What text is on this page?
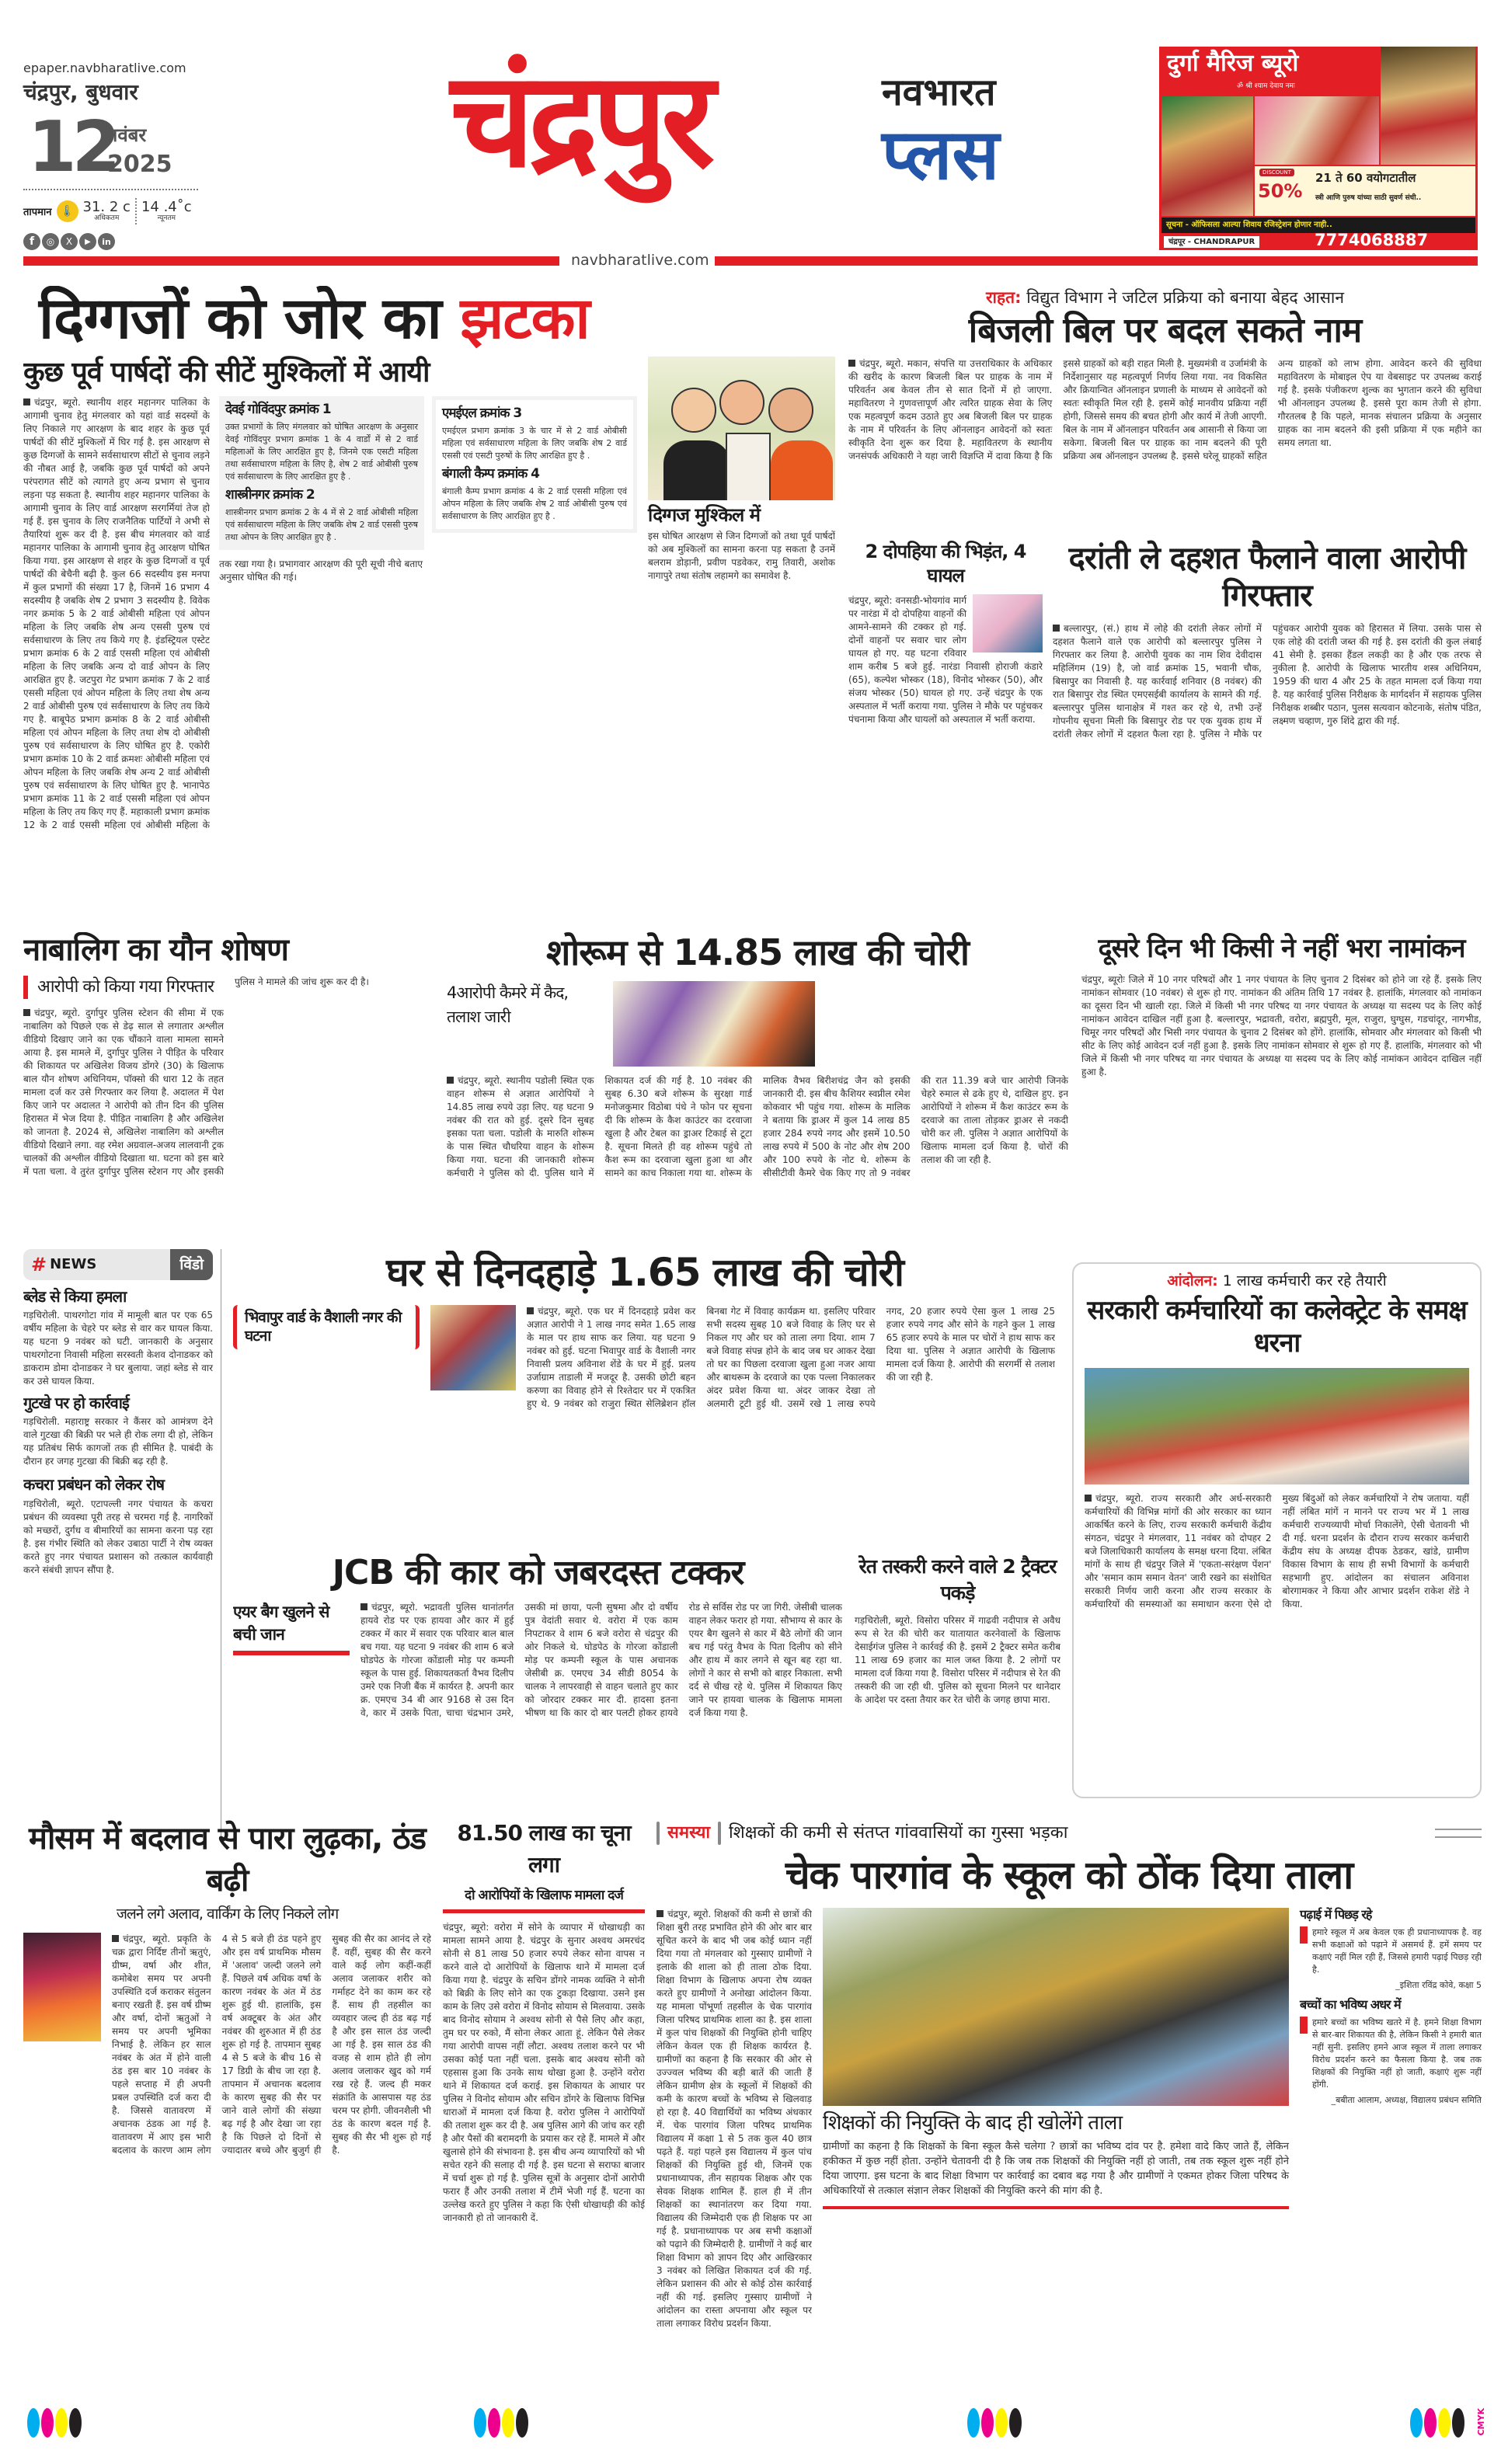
epaper.navbharatlive.com
चंद्रपुर, बुधवार
12
नवंबर
2025
तापमान 🌡 31. 2 c
अधिकतम
14 .4˚c
न्यूनतम
f	◎	X	▶	in
चंद्रपुर	नवभारत
प्लस
navbharatlive.com
दुर्गा मैरिज ब्यूरो
ॐ श्री श्याम देवाय नमः
DISCOUNT
50%
21 ते 60 वयोगटातील
स्त्री आणि पुरुष यांच्या साठी सुवर्ण संधी..
सूचना - ऑफिसला आल्या शिवाय रजिस्ट्रेशन होणार नाही..
चंद्रपूर - CHANDRAPUR	7774068887
दिग्गजों को जोर का झटका
कुछ पूर्व पार्षदों की सीटें मुश्किलों में आयी
चंद्रपुर, ब्यूरो. स्थानीय शहर महानगर पालिका के आगामी चुनाव हेतु मंगलवार को यहां वार्ड सदस्यों के लिए निकाले गए आरक्षण के बाद शहर के कुछ पूर्व पार्षदों की सीटें मुश्किलों में घिर गई है. इस आरक्षण से कुछ दिग्गजों के सामने सर्वसाधारण सीटों से चुनाव लड़ने की नौबत आई है, जबकि कुछ पूर्व पार्षदों को अपने परंपरागत सीटें को त्यागते हुए अन्य प्रभाग से चुनाव लड़ना पड़ सकता है. स्थानीय शहर महानगर पालिका के आगामी चुनाव के लिए वार्ड आरक्षण सरगर्मियां तेज हो गई हैं. इस चुनाव के लिए राजनैतिक पार्टियों ने अभी से तैयारियां शुरू कर दी है. इस बीच मंगलवार को वार्ड महानगर पालिका के आगामी चुनाव हेतु आरक्षण घोषित किया गया. इस आरक्षण से शहर के कुछ दिग्गजों व पूर्व पार्षदों की बेचैनी बढ़ी है. कुल 66 सदस्यीय इस मनपा में कुल प्रभागों की संख्या 17 है, जिनमें 16 प्रभाग 4 सदस्यीय है जबकि शेष 2 प्रभाग 3 सदस्यीय है. विवेक नगर क्रमांक 5 के 2 वार्ड ओबीसी महिला एवं ओपन महिला के लिए जबकि शेष अन्य एससी पुरुष एवं सर्वसाधारण के लिए तय किये गए है. इंडस्ट्रियल एस्टेट प्रभाग क्रमांक 6 के 2 वार्ड एससी महिला एवं ओबीसी महिला के लिए जबकि अन्य दो वार्ड ओपन के लिए आरक्षित हुए है. जटपुरा गेट प्रभाग क्रमांक 7 के 2 वार्ड एससी महिला एवं ओपन महिला के लिए तथा शेष अन्य 2 वार्ड ओबीसी पुरुष एवं सर्वसाधारण के लिए तय किये गए है. बाबूपेठ प्रभाग क्रमांक 8 के 2 वार्ड ओबीसी महिला एवं ओपन महिला के लिए तथा शेष दो ओबीसी पुरुष एवं सर्वसाधारण के लिए घोषित हुए है. एकोरी प्रभाग क्रमांक 10 के 2 वार्ड क्रमशः ओबीसी महिला एवं ओपन महिला के लिए जबकि शेष अन्य 2 वार्ड ओबीसी पुरुष एवं सर्वसाधारण के लिए घोषित हुए है. भानापेठ प्रभाग क्रमांक 11 के 2 वार्ड एससी महिला एवं ओपन महिला के लिए तय किए गए हैं. महाकाली प्रभाग क्रमांक 12 के 2 वार्ड एससी महिला एवं ओबीसी महिला के
देवई गोविंदपुर क्रमांक 1
उक्त प्रभागों के लिए मंगलवार को घोषित आरक्षण के अनुसार देवई गोविंदपुर प्रभाग क्रमांक 1 के 4 वार्डों में से 2 वार्ड महिलाओं के लिए आरक्षित हुए है, जिनमे एक एसटी महिला तथा सर्वसाधारण महिला के लिए है, शेष 2 वार्ड ओबीसी पुरुष एवं सर्वसाधारण के लिए आरक्षित हुए है .
शास्त्रीनगर क्रमांक 2
शास्त्रीनगर प्रभाग क्रमांक 2 के 4 में से 2 वार्ड ओबीसी महिला एवं सर्वसाधारण महिला के लिए जबकि शेष 2 वार्ड एससी पुरुष तथा ओपन के लिए आरक्षित हुए है .
एमईएल क्रमांक 3
एमईएल प्रभाग क्रमांक 3 के चार में से 2 वार्ड ओबीसी महिला एवं सर्वसाधारण महिला के लिए जबकि शेष 2 वार्ड एससी एवं एसटी पुरुषों के लिए आरक्षित हुए है .
बंगाली कैम्प क्रमांक 4
बंगाली कैम्प प्रभाग क्रमांक 4 के 2 वार्ड एससी महिला एवं ओपन महिला के लिए जबकि शेष 2 वार्ड ओबीसी पुरुष एवं सर्वसाधारण के लिए आरक्षित हुए है .
तक रखा गया है। प्रभागवार आरक्षण की पूरी सूची नीचे बताए अनुसार घोषित की गई।
दिग्गज मुश्किल में
इस घोषित आरक्षण से जिन दिग्गजों को तथा पूर्व पार्षदों को अब मुश्किलों का सामना करना पड़ सकता है उनमें बलराम डोड़ानी, प्रवीण पडवेकर, रामु तिवारी, अशोक नागापुरे तथा संतोष लहामगे का समावेश है.
राहत: विद्युत विभाग ने जटिल प्रक्रिया को बनाया बेहद आसान
बिजली बिल पर बदल सकते नाम
चंद्रपुर, ब्यूरो. मकान, संपत्ति या उत्तराधिकार के अधिकार की खरीद के कारण बिजली बिल पर ग्राहक के नाम में परिवर्तन अब केवल तीन से सात दिनों में हो जाएगा. महावितरण ने गुणवत्तापूर्ण और त्वरित ग्राहक सेवा के लिए एक महत्वपूर्ण कदम उठाते हुए अब बिजली बिल पर ग्राहक के नाम में परिवर्तन के लिए ऑनलाइन आवेदनों को स्वतः स्वीकृति देना शुरू कर दिया है. महावितरण के स्थानीय जनसंपर्क अधिकारी ने यहा जारी विज्ञप्ति में दावा किया है कि इससे ग्राहकों को बड़ी राहत मिली है. मुख्यमंत्री व उर्जामंत्री के निर्देशानुसार यह महत्वपूर्ण निर्णय लिया गया. नव विकसित और क्रियान्वित ऑनलाइन प्रणाली के माध्यम से आवेदनों को स्वतः स्वीकृति मिल रही है. इसमें कोई मानवीय प्रक्रिया नहीं होगी, जिससे समय की बचत होगी और कार्य में तेजी आएगी. बिल के नाम में ऑनलाइन परिवर्तन अब आसानी से किया जा सकेगा. बिजली बिल पर ग्राहक का नाम बदलने की पूरी प्रक्रिया अब ऑनलाइन उपलब्ध है. इससे घरेलू ग्राहकों सहित अन्य ग्राहकों को लाभ होगा. आवेदन करने की सुविधा महावितरण के मोबाइल ऐप या वेबसाइट पर उपलब्ध कराई गई है. इसके पंजीकरण शुल्क का भुगतान करने की सुविधा भी ऑनलाइन उपलब्ध है. इससे पूरा काम तेजी से होगा. गौरतलब है कि पहले, मानक संचालन प्रक्रिया के अनुसार ग्राहक का नाम बदलने की इसी प्रक्रिया में एक महीने का समय लगता था.
2 दोपहिया की भिड़ंत, 4 घायल
चंद्रपुर, ब्यूरो: वनसडी-भोयगांव मार्ग पर नारंडा में दो दोपहिया वाहनों की आमने-सामने की टक्कर हो गई. दोनों वाहनों पर सवार चार लोग घायल हो गए. यह घटना रविवार शाम करीब 5 बजे हुई. नारंडा निवासी होराजी कंडारे (65), कल्पेश भोस्कर (18), विनोद भोस्कर (50), और संजय भोस्कर (50) घायल हो गए. उन्हें चंद्रपुर के एक अस्पताल में भर्ती कराया गया. पुलिस ने मौके पर पहुंचकर पंचनामा किया और घायलों को अस्पताल में भर्ती कराया.
दरांती ले दहशत फैलाने वाला आरोपी गिरफ्तार
बल्लारपुर, (सं.) हाथ में लोहे की दरांती लेकर लोगों में दहशत फैलाने वाले एक आरोपी को बल्लारपुर पुलिस ने गिरफ्तार कर लिया है. आरोपी युवक का नाम शिव देवीदास महिलिंगम (19) है, जो वार्ड क्रमांक 15, भवानी चौक, बिसापुर का निवासी है. यह कार्रवाई शनिवार (8 नवंबर) की रात बिसापुर रोड स्थित एमएसईबी कार्यालय के सामने की गई. बल्लारपुर पुलिस थानाक्षेत्र में गश्त कर रहे थे, तभी उन्हें गोपनीय सूचना मिली कि बिसापुर रोड पर एक युवक हाथ में दरांती लेकर लोगों में दहशत फैला रहा है. पुलिस ने मौके पर पहुंचकर आरोपी युवक को हिरासत में लिया. उसके पास से एक लोहे की दरांती जब्त की गई है. इस दरांती की कुल लंबाई 41 सेमी है. इसका हैंडल लकड़ी का है और एक तरफ से नुकीला है. आरोपी के खिलाफ भारतीय शस्त्र अधिनियम, 1959 की धारा 4 और 25 के तहत मामला दर्ज किया गया है. यह कार्रवाई पुलिस निरीक्षक के मार्गदर्शन में सहायक पुलिस निरीक्षक शब्बीर पठान, पुलस सत्यवान कोटनाके, संतोष पंडित, लक्ष्मण चव्हाण, गुरु शिंदे द्वारा की गई.
नाबालिग का यौन शोषण
आरोपी को किया गया गिरफ्तार
चंद्रपुर, ब्यूरो. दुर्गापुर पुलिस स्टेशन की सीमा में एक नाबालिग को पिछले एक से डेढ़ साल से लगातार अश्लील वीडियो दिखाए जाने का एक चौंकाने वाला मामला सामने आया है. इस मामले में, दुर्गापुर पुलिस ने पीड़ित के परिवार की शिकायत पर अखिलेश विजय डोंगरे (30) के खिलाफ बाल यौन शोषण अधिनियम, पॉक्सो की धारा 12 के तहत मामला दर्ज कर उसे गिरफ्तार कर लिया है. अदालत में पेश किए जाने पर अदालत ने आरोपी को तीन दिन की पुलिस हिरासत में भेज दिया है. पीड़ित नाबालिग है और अखिलेश को जानता है. 2024 से, अखिलेश नाबालिग को अश्लील वीडियो दिखाने लगा. वह रमेश अग्रवाल-अजय लालवानी ट्रक चालकों की अश्लील वीडियो दिखाता था. घटना को इस बारे में पता चला. वे तुरंत दुर्गापुर पुलिस स्टेशन गए और इसकी
पुलिस ने मामले की जांच शुरू कर दी है।
शोरूम से 14.85 लाख की चोरी
4आरोपी कैमरे में कैद, तलाश जारी
चंद्रपुर, ब्यूरो. स्थानीय पडोली स्थित एक वाहन शोरूम से अज्ञात आरोपियों ने 14.85 लाख रुपये उड़ा लिए. यह घटना 9 नवंबर की रात को हुई. दूसरे दिन सुबह इसका पता चला. पडोली के मारुति शोरूम के पास स्थित चौधरिया वाहन के शोरूम किया गया. घटना की जानकारी शोरूम कर्मचारी ने पुलिस को दी. पुलिस थाने में शिकायत दर्ज की गई है. 10 नवंबर की सुबह 6.30 बजे शोरूम के सुरक्षा गार्ड मनोजकुमार विठोबा पंधे ने फोन पर सूचना दी कि शोरूम के कैश काउंटर का दरवाजा खुला है और टेबल का ड्राअर टिकाई से टूटा है. सूचना मिलते ही वह शोरूम पहुंचे तो कैश रूम का दरवाजा खुला हुआ था और सामने का काच निकाला गया था. शोरूम के मालिक वैभव बिरीशचंद्र जैन को इसकी जानकारी दी. इस बीच कैशियर स्वप्नील रमेश कोकवार भी पहुंच गया. शोरूम के मालिक ने बताया कि ड्राअर में कुल 14 लाख 85 हजार 284 रुपये नगद और इसमें 10.50 लाख रुपये में 500 के नोट और शेष 200 और 100 रुपये के नोट थे. शोरूम के सीसीटीवी कैमरे चेक किए गए तो 9 नवंबर की रात 11.39 बजे चार आरोपी जिनके चेहरे रुमाल से ढके हुए थे, दाखिल हुए. इन आरोपियों ने शोरूम में कैश काउंटर रूम के दरवाजे का ताला तोड़कर ड्राअर से नकदी चोरी कर ली. पुलिस ने अज्ञात आरोपियों के खिलाफ मामला दर्ज किया है. चोरों की तलाश की जा रही है.
दूसरे दिन भी किसी ने नहीं भरा नामांकन
चंद्रपुर, ब्यूरोः जिले में 10 नगर परिषदों और 1 नगर पंचायत के लिए चुनाव 2 दिसंबर को होने जा रहे हैं. इसके लिए नामांकन सोमवार (10 नवंबर) से शुरू हो गए. नामांकन की अंतिम तिथि 17 नवंबर है. हालांकि, मंगलवार को नामांकन का दूसरा दिन भी खाली रहा. जिले में किसी भी नगर परिषद या नगर पंचायत के अध्यक्ष या सदस्य पद के लिए कोई नामांकन आवेदन दाखिल नहीं हुआ है. बल्लारपुर, भद्रावती, वरोरा, ब्रह्मपुरी, मूल, राजुरा, घुग्घुस, गडचांदूर, नागभीड, चिमूर नगर परिषदों और भिसी नगर पंचायत के चुनाव 2 दिसंबर को होंगे. हालांकि, सोमवार और मंगलवार को किसी भी सीट के लिए कोई आवेदन दर्ज नहीं हुआ है. इसके लिए नामांकन सोमवार से शुरू हो गए हैं. हालांकि, मंगलवार को भी जिले में किसी भी नगर परिषद या नगर पंचायत के अध्यक्ष या सदस्य पद के लिए कोई नामांकन आवेदन दाखिल नहीं हुआ है.
# NEWS	विंडो
ब्लेड से किया हमला
गड़चिरोली. पाथरगोटा गांव में मामूली बात पर एक 65 वर्षीय महिला के चेहरे पर ब्लेड से वार कर घायल किया. यह घटना 9 नवंबर को घटी. जानकारी के अनुसार पाथरगोटना निवासी महिला सरस्वती केशव दोनाडकर को डाकराम डोमा दोनाडकर ने घर बुलाया. जहां ब्लेड से वार कर उसे घायल किया.
गुटखे पर हो कार्रवाई
गड़चिरोली. महाराष्ट्र सरकार ने कैंसर को आमंत्रण देने वाले गुटखा की बिक्री पर भले ही रोक लगा दी हो, लेकिन यह प्रतिबंध सिर्फ कागजों तक ही सीमित है. पाबंदी के दौरान हर जगह गुटखा की बिक्री बढ़ रही है.
कचरा प्रबंधन को लेकर रोष
गड़चिरोली, ब्यूरो. एटापल्ली नगर पंचायत के कचरा प्रबंधन की व्यवस्था पूरी तरह से चरमरा गई है. नागरिकों को मच्छरों, दुर्गंध व बीमारियों का सामना करना पड़ रहा है. इस गंभीर स्थिति को लेकर उबाठा पार्टी ने रोष व्यक्त करते हुए नगर पंचायत प्रशासन को तत्काल कार्यवाही करने संबंधी ज्ञापन सौंपा है.
घर से दिनदहाड़े 1.65 लाख की चोरी
भिवापुर वार्ड के वैशाली नगर की घटना
चंद्रपुर, ब्यूरो. एक घर में दिनदहाड़े प्रवेश कर अज्ञात आरोपी ने 1 लाख नगद समेत 1.65 लाख के माल पर हाथ साफ कर लिया. यह घटना 9 नवंबर को हुई. घटना भिवापुर वार्ड के वैशाली नगर निवासी प्रलय अविनाश शेंडे के घर में हुई. प्रलय उर्जाग्राम ताडाली में मजदूर है. उसकी छोटी बहन करुणा का विवाह होने से रिश्तेदार घर में एकत्रित हुए थे. 9 नवंबर को राजुरा स्थित सेलिब्रेशन हॉल बिनबा गेट में विवाह कार्यक्रम था. इसलिए परिवार सभी सदस्य सुबह 10 बजे विवाह के लिए घर से निकल गए और घर को ताला लगा दिया. शाम 7 बजे विवाह संपन्न होने के बाद जब घर आकर देखा तो घर का पिछला दरवाजा खुला हुआ नजर आया और बाथरूम के दरवाजे का एक पल्ला निकालकर अंदर प्रवेश किया था. अंदर जाकर देखा तो अलमारी टूटी हुई थी. उसमें रखे 1 लाख रुपये नगद, 20 हजार रुपये ऐसा कुल 1 लाख 25 हजार रुपये नगद और सोने के गहने कुल 1 लाख 65 हजार रुपये के माल पर चोरों ने हाथ साफ कर दिया था. पुलिस ने अज्ञात आरोपी के खिलाफ मामला दर्ज किया है. आरोपी की सरगर्मी से तलाश की जा रही है.
आंदोलन: 1 लाख कर्मचारी कर रहे तैयारी
सरकारी कर्मचारियों का कलेक्ट्रेट के समक्ष धरना
चंद्रपुर, ब्यूरो. राज्य सरकारी और अर्ध-सरकारी कर्मचारियों की विभिन्न मांगों की ओर सरकार का ध्यान आकर्षित करने के लिए, राज्य सरकारी कर्मचारी केंद्रीय संगठन, चंद्रपुर ने मंगलवार, 11 नवंबर को दोपहर 2 बजे जिलाधिकारी कार्यालय के समक्ष धरना दिया. लंबित मांगों के साथ ही चंद्रपुर जिले में 'एकता-सरंक्षण पेंशन' और 'समान काम समान वेतन' जारी रखने का संशोधित सरकारी निर्णय जारी करना और राज्य सरकार के कर्मचारियों की समस्याओं का समाधान करना ऐसे दो मुख्य बिंदुओं को लेकर कर्मचारियों ने रोष जताया. यहीं नहीं लंबित मांगें न मानने पर राज्य भर में 1 लाख कर्मचारी राज्यव्यापी मोर्चा निकालेंगे, ऐसी चेतावनी भी दी गई. धरना प्रदर्शन के दौरान राज्य सरकार कर्मचारी केंद्रीय संघ के अध्यक्ष दीपक ठेडकर, खांडे, ग्रामीण विकास विभाग के साथ ही सभी विभागों के कर्मचारी सहभागी हुए. आंदोलन का संचालन अविनाश बोरगामकर ने किया और आभार प्रदर्शन राकेश शेंडे ने किया.
JCB की कार को जबरदस्त टक्कर
एयर बैग खुलने से बची जान
चंद्रपुर, ब्यूरो. भद्रावती पुलिस थानांतर्गत हायवे रोड पर एक हायवा और कार में हुई टक्कर में कार में सवार एक परिवार बाल बाल बच गया. यह घटना 9 नवंबर की शाम 6 बजे घोडपेठ के गोरजा कोंडाली मोड़ पर कम्पनी स्कूल के पास हुई. शिकायतकर्ता वैभव दिलीप उमरे एक निजी बैंक में कार्यरत है. अपनी कार क्र. एमएच 34 बी आर 9168 से उस दिन वे, कार में उसके पिता, चाचा चंद्रभान उमरे, उसकी मां छाया, पत्नी सुषमा और दो वर्षीय पुत्र वेदांती सवार थे. वरोरा में एक काम निपटाकर वे शाम 6 बजे वरोरा से चंद्रपुर की ओर निकले थे. घोडपेठ के गोरजा कोंडाली मोड़ पर कम्पनी स्कूल के पास अचानक जेसीबी क्र. एमएच 34 सीडी 8054 के चालक ने लापरवाही से वाहन चलाते हुए कार को जोरदार टक्कर मार दी. हादसा इतना भीषण था कि कार दो बार पलटी होकर हायवे रोड से सर्विस रोड पर जा गिरी. जेसीबी चालक वाहन लेकर फरार हो गया. सौभाग्य से कार के एयर बैग खुलने से कार में बैठे लोगों की जान बच गई परंतु वैभव के पिता दिलीप को सीने और हाथ में कार लगने से खून बह रहा था. लोगों ने कार से सभी को बाहर निकाला. सभी दर्द से चीख रहे थे. पुलिस में शिकायत किए जाने पर हायवा चालक के खिलाफ मामला दर्ज किया गया है.
रेत तस्करी करने वाले 2 ट्रैक्टर पकड़े
गड़चिरोली, ब्यूरो. विसोरा परिसर में गाढवी नदीपात्र से अवैध रूप से रेत की चोरी कर यातायात करनेवालों के खिलाफ देसाईगंज पुलिस ने कार्रवई की है. इसमें 2 ट्रैक्टर समेत करीब 11 लाख 69 हजार का माल जब्त किया है. 2 लोगों पर मामला दर्ज किया गया है. विसोरा परिसर में नदीपात्र से रेत की तस्करी की जा रही थी. पुलिस को सूचना मिलने पर थानेदार के आदेश पर दस्ता तैयार कर रेत चोरी के जगह छापा मारा.
मौसम में बदलाव से पारा लुढ़का, ठंड बढ़ी
जलने लगे अलाव, वार्किंग के लिए निकले लोग
चंद्रपुर, ब्यूरो. प्रकृति के चक्र द्वारा निर्दिष्ट तीनों ऋतुएं, ग्रीष्म, वर्षा और शीत, कमोबेश समय पर अपनी उपस्थिति दर्ज कराकर संतुलन बनाए रखती हैं. इस वर्ष ग्रीष्म और वर्षा, दोनों ऋतुओं ने समय पर अपनी भूमिका निभाई है. लेकिन हर साल नवंबर के अंत में होने वाली ठंड इस बार 10 नवंबर के पहले सप्ताह में ही अपनी प्रबल उपस्थिति दर्ज करा दी है. जिससे वातावरण में अचानक ठंडक आ गई है. वातावरण में आए इस भारी बदलाव के कारण आम लोग 4 से 5 बजे ही ठंड पहने हुए और इस वर्ष प्राथमिक मौसम में 'अलाव' जल्दी जलने लगे हैं. पिछले वर्ष अधिक वर्षा के कारण नवंबर के अंत में ठंड शुरू हुई थी. हालांकि, इस वर्ष अक्टूबर के अंत और नवंबर की शुरुआत में ही ठंड शुरू हो गई है. तापमान सुबह 4 से 5 बजे के बीच 16 से 17 डिग्री के बीच जा रहा है. तापमान में अचानक बदलाव के कारण सुबह की सैर पर जाने वाले लोगों की संख्या बढ़ गई है और देखा जा रहा है कि पिछले दो दिनों से ज्यादातर बच्चे और बुजुर्ग ही सुबह की सैर का आनंद ले रहे हैं. वहीं, सुबह की सैर करने वाले कई लोग कहीं-कहीं अलाव जलाकर शरीर को गर्माहट देने का काम कर रहे हैं. साथ ही तहसील का व्यवहार जल्द ही ठंड बढ़ गई है और इस साल ठंड जल्दी आ गई है. इस साल ठंड की वजह से शाम होते ही लोग अलाव जलाकर खुद को गर्म रख रहे हैं. जल्द ही मकर संक्रांति के आसपास यह ठंड चरम पर होगी. जीवनशैली भी ठंड के कारण बदल गई है. सुबह की सैर भी शुरू हो गई है.
81.50 लाख का चूना लगा
दो आरोपियों के खिलाफ मामला दर्ज
चंद्रपुर, ब्यूरो: वरोरा में सोने के व्यापार में धोखाधड़ी का मामला सामने आया है. चंद्रपुर के सुनार अश्वथ अमरचंद सोनी से 81 लाख 50 हजार रुपये लेकर सोना वापस न करने वाले दो आरोपियों के खिलाफ थाने में मामला दर्ज किया गया है. चंद्रपुर के सचिन डोंगरे नामक व्यक्ति ने सोनी को बिक्री के लिए सोने का एक टुकड़ा दिखाया. उसने इस काम के लिए उसे वरोरा में विनोद सोयाम से मिलवाया. उसके बाद विनोद सोयाम ने अश्वथ सोनी से पैसे लिए और कहा, तुम घर पर रुको, मैं सोना लेकर आता हूं. लेकिन पैसे लेकर गया आरोपी वापस नहीं लौटा. अश्वथ तलाश करने पर भी उसका कोई पता नहीं चला. इसके बाद अश्वथ सोनी को एहसास हुआ कि उनके साथ धोखा हुआ है. उन्होंने वरोरा थाने में शिकायत दर्ज कराई. इस शिकायत के आधार पर पुलिस ने विनोद सोयाम और सचिन डोंगरे के खिलाफ विभिन्न धाराओं में मामला दर्ज किया है. वरोरा पुलिस ने आरोपियों की तलाश शुरू कर दी है. अब पुलिस आगे की जांच कर रही है और पैसों की बरामदगी के प्रयास कर रहे हैं. मामले में और खुलासे होने की संभावना है. इस बीच अन्य व्यापारियों को भी सचेत रहने की सलाह दी गई है. इस घटना से सराफा बाजार में चर्चा शुरू हो गई है. पुलिस सूत्रों के अनुसार दोनों आरोपी फरार हैं और उनकी तलाश में टीमें भेजी गई हैं. घटना का उल्लेख करते हुए पुलिस ने कहा कि ऐसी धोखाधड़ी की कोई जानकारी हो तो जानकारी दें.
समस्या शिक्षकों की कमी से संतप्त गांववासियों का गुस्सा भड़का
चेक पारगांव के स्कूल को ठोंक दिया ताला
चंद्रपुर, ब्यूरो. शिक्षकों की कमी से छात्रों की शिक्षा बुरी तरह प्रभावित होने की ओर बार बार सूचित करने के बाद भी जब कोई ध्यान नहीं दिया गया तो मंगलवार को गुस्साए ग्रामीणों ने इलाके की शाला को ही ताला ठोक दिया. शिक्षा विभाग के खिलाफ अपना रोष व्यक्त करते हुए ग्रामीणों ने अनोखा आंदोलन किया. यह मामला पोंभूर्णा तहसील के चेक पारगांव जिला परिषद प्राथमिक शाला का है. इस शाला में कुल पांच शिक्षकों की नियुक्ति होनी चाहिए लेकिन केवल एक ही शिक्षक कार्यरत है. ग्रामीणों का कहना है कि सरकार की ओर से उज्ज्वल भविष्य की बड़ी बातें की जाती हैं लेकिन ग्रामीण क्षेत्र के स्कूलों में शिक्षकों की कमी के कारण बच्चों के भविष्य से खिलवाड़ हो रहा है. 40 विद्यार्थियों का भविष्य अंधकार में. चेक पारगांव जिला परिषद प्राथमिक विद्यालय में कक्षा 1 से 5 तक कुल 40 छात्र पढ़ते हैं. यहां पहले इस विद्यालय में कुल पांच शिक्षकों की नियुक्ति हुई थी, जिनमें एक प्रधानाध्यापक, तीन सहायक शिक्षक और एक सेवक शिक्षक शामिल हैं. हाल ही में तीन शिक्षकों का स्थानांतरण कर दिया गया. विद्यालय की जिम्मेदारी एक ही शिक्षक पर आ गई है. प्रधानाध्यापक पर अब सभी कक्षाओं को पढ़ाने की जिम्मेदारी है. ग्रामीणों ने कई बार शिक्षा विभाग को ज्ञापन दिए और आखिरकार 3 नवंबर को लिखित शिकायत दर्ज की गई. लेकिन प्रशासन की ओर से कोई ठोस कार्रवाई नहीं की गई. इसलिए गुस्साए ग्रामीणों ने आंदोलन का रास्ता अपनाया और स्कूल पर ताला लगाकर विरोध प्रदर्शन किया.
शिक्षकों की नियुक्ति के बाद ही खोलेंगे ताला
ग्रामीणों का कहना है कि शिक्षकों के बिना स्कूल कैसे चलेगा ? छात्रों का भविष्य दांव पर है. हमेशा वादे किए जाते हैं, लेकिन हकीकत में कुछ नहीं होता. उन्होंने चेतावनी दी है कि जब तक शिक्षकों की नियुक्ति नहीं हो जाती, तब तक स्कूल शुरू नहीं होने दिया जाएगा. इस घटना के बाद शिक्षा विभाग पर कार्रवाई का दबाव बढ़ गया है और ग्रामीणों ने एकमत होकर जिला परिषद के अधिकारियों से तत्काल संज्ञान लेकर शिक्षकों की नियुक्ति करने की मांग की है.
पढ़ाई में पिछड़ रहे
हमारे स्कूल में अब केवल एक ही प्रधानाध्यापक है. वह सभी कक्षाओं को पढ़ाने में असमर्थ हैं. हमें समय पर कक्षाएं नहीं मिल रही हैं, जिससे हमारी पढ़ाई पिछड़ रही है.
_इशिता रविंद्र कोवे, कक्षा 5
बच्चों का भविष्य अधर में
हमारे बच्चों का भविष्य खतरे में है. हमने शिक्षा विभाग से बार-बार शिकायत की है, लेकिन किसी ने हमारी बात नहीं सुनी. इसलिए हमने आज स्कूल में ताला लगाकर विरोध प्रदर्शन करने का फैसला किया है. जब तक शिक्षकों की नियुक्ति नहीं हो जाती, कक्षाएं शुरू नहीं होंगी.
_बबीता आलाम, अध्यक्ष, विद्यालय प्रबंधन समिति
CMYK
